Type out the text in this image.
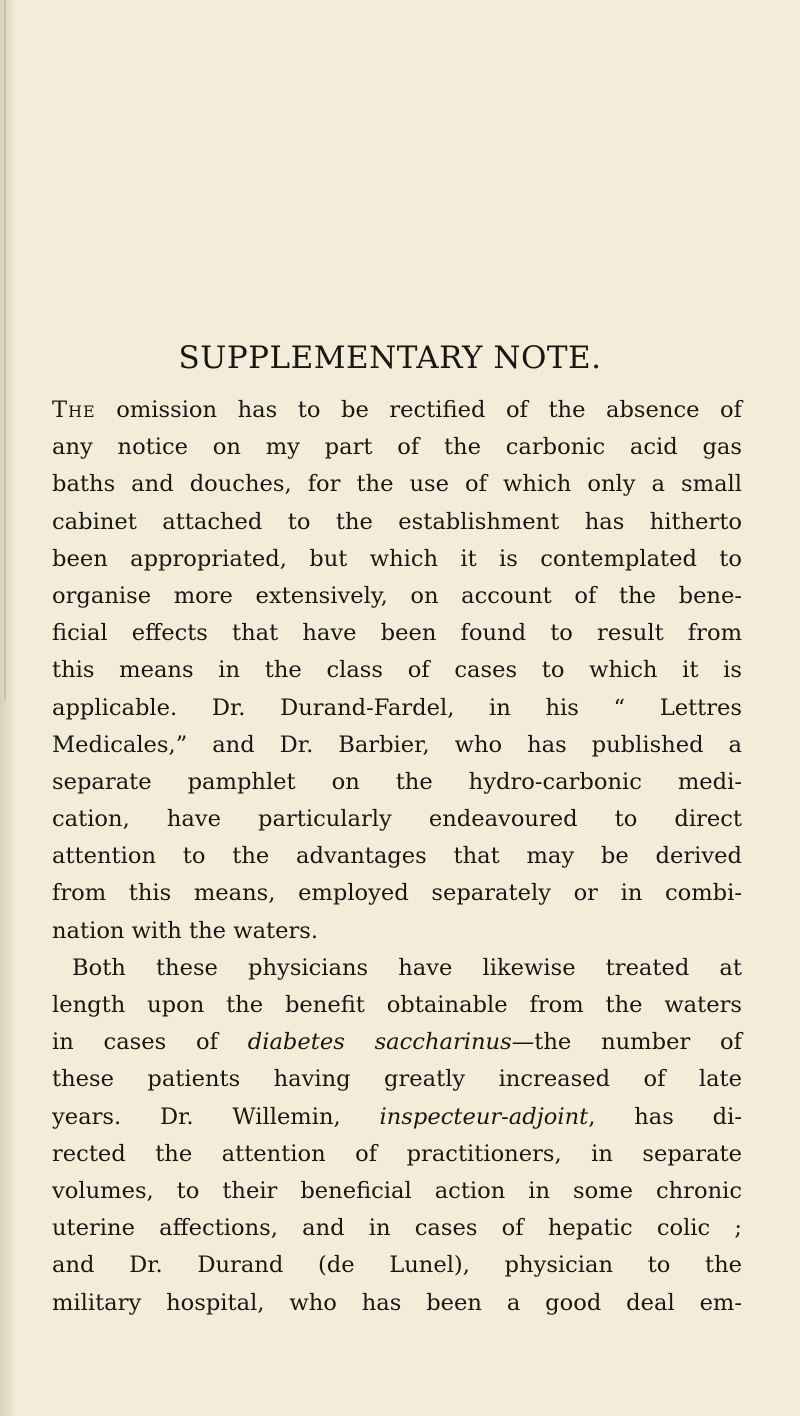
SUPPLEMENTARY NOTE.
The omission has to be rectified of the absence of
any notice on my part of the carbonic acid gas
baths and douches, for the use of which only a small
cabinet attached to the establishment has hitherto
been appropriated, but which it is contemplated to
organise more extensively, on account of the bene-
ficial effects that have been found to result from
this means in the class of cases to which it is
applicable. Dr. Durand-Fardel, in his “ Lettres
Medicales,” and Dr. Barbier, who has published a
separate pamphlet on the hydro-carbonic medi-
cation, have particularly endeavoured to direct
attention to the advantages that may be derived
from this means, employed separately or in combi-
nation with the waters.
Both these physicians have likewise treated at
length upon the benefit obtainable from the waters
in cases of diabetes saccharinus—the number of
these patients having greatly increased of late
years. Dr. Willemin, inspecteur-adjoint, has di-
rected the attention of practitioners, in separate
volumes, to their beneficial action in some chronic
uterine affections, and in cases of hepatic colic ;
and Dr. Durand (de Lunel), physician to the
military hospital, who has been a good deal em-
